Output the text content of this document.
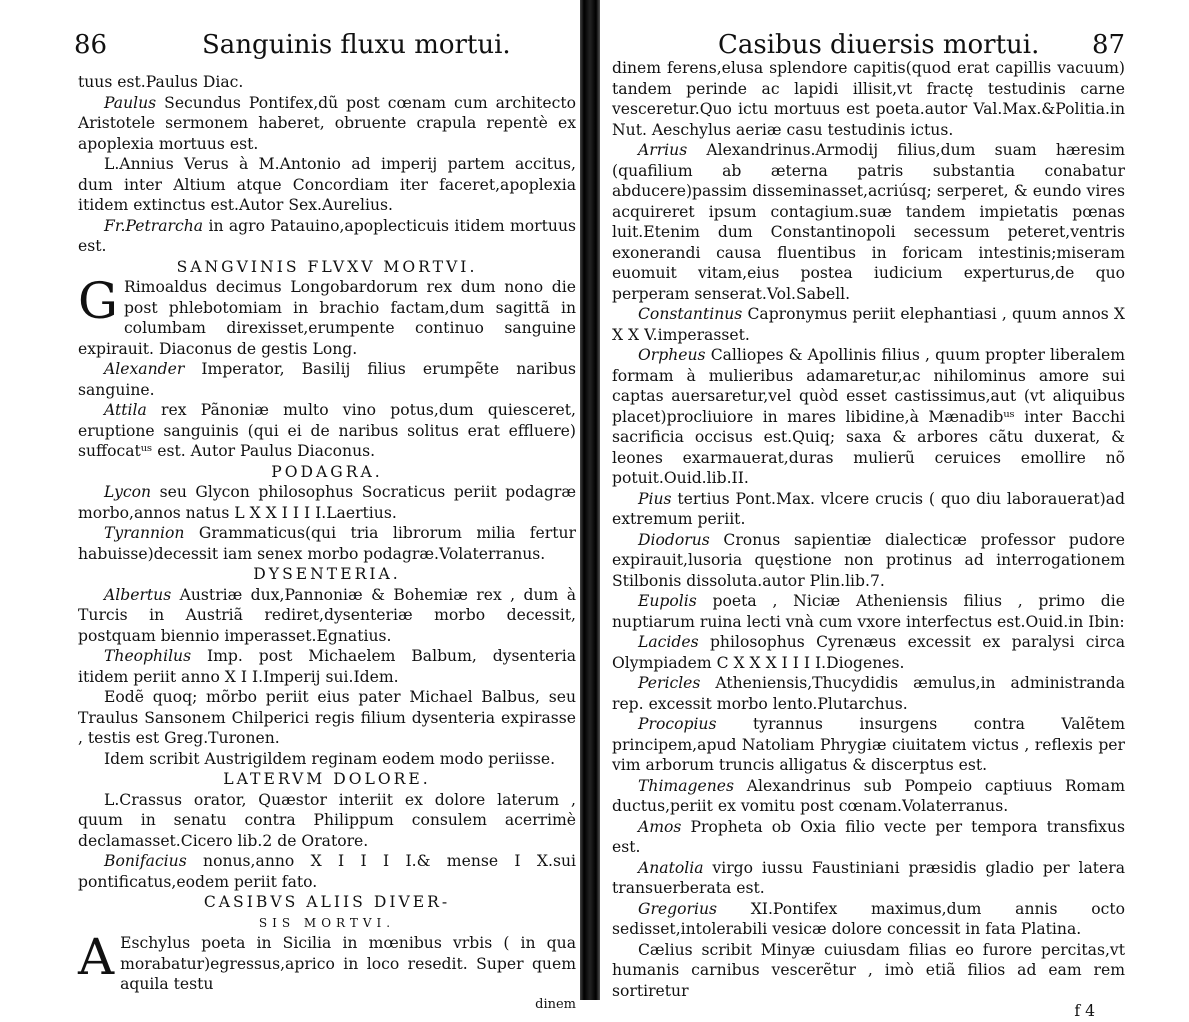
86	Sanguinis fluxu mortui.

tuus est.Paulus Diac.

Paulus Secundus Pontifex,dũ post cœnam cum architecto Aristotele sermonem haberet, obruente crapula repentè ex apoplexia mortuus est.

L.Annius Verus à M.Antonio ad imperij partem accitus, dum inter Altium atque Concordiam iter faceret,apoplexia itidem extinctus est.Autor Sex.Aurelius.

Fr.Petrarcha in agro Patauino,apoplecticuis itidem mortuus est.

SANGVINIS FLVXV MORTVI.

G Rimoaldus decimus Longobardorum rex dum nono die post phlebotomiam in brachio factam,dum sagittã in columbam direxisset,erumpente continuo sanguine expirauit. Diaconus de gestis Long.

Alexander Imperator, Basilij filius erumpẽte naribus sanguine.

Attila rex Pãnoniæ multo vino potus,dum quiesceret, eruptione sanguinis (qui ei de naribus solitus erat effluere) suffocatᵘˢ est. Autor Paulus Diaconus.

PODAGRA.

Lycon seu Glycon philosophus Socraticus periit podagræ morbo,annos natus L X X I I I I.Laertius.

Tyrannion Grammaticus(qui tria librorum milia fertur habuisse)decessit iam senex morbo podagræ.Volaterranus.

DYSENTERIA.

Albertus Austriæ dux,Pannoniæ & Bohemiæ rex , dum à Turcis in Austriã rediret,dysenteriæ morbo decessit, postquam biennio imperasset.Egnatius.

Theophilus Imp. post Michaelem Balbum, dysenteria itidem periit anno X I I.Imperij sui.Idem.

Eodẽ quoq; mõrbo periit eius pater Michael Balbus, seu Traulus Sansonem Chilperici regis filium dysenteria expirasse , testis est Greg.Turonen.

Idem scribit Austrigildem reginam eodem modo periisse.

LATERVM DOLORE.

L.Crassus orator, Quæstor interiit ex dolore laterum , quum in senatu contra Philippum consulem acerrimè declamasset.Cicero lib.2 de Oratore.

Bonifacius nonus,anno X I I I I.& mense I X.sui pontificatus,eodem periit fato.

CASIBVS ALIIS DIVER-

SIS MORTVI.

A Eschylus poeta in Sicilia in mœnibus vrbis ( in qua morabatur)egressus,aprico in loco resedit. Super quem aquila testu

dinem

Casibus diuersis mortui. 87

dinem ferens,elusa splendore capitis(quod erat capillis vacuum) tandem perinde ac lapidi illisit,vt fractę testudinis carne vesceretur.Quo ictu mortuus est poeta.autor Val.Max.&Politia.in Nut. Aeschylus aeriæ casu testudinis ictus.

Arrius Alexandrinus.Armodij filius,dum suam hæresim (quafilium ab æterna patris substantia conabatur abducere)passim disseminasset,acriúsq; serperet, & eundo vires acquireret ipsum contagium.suæ tandem impietatis pœnas luit.Etenim dum Constantinopoli secessum peteret,ventris exonerandi causa fluentibus in foricam intestinis;miseram euomuit vitam,eius postea iudicium experturus,de quo perperam senserat.Vol.Sabell.

Constantinus Capronymus periit elephantiasi , quum annos X X X V.imperasset.

Orpheus Calliopes & Apollinis filius , quum propter liberalem formam à mulieribus adamaretur,ac nihilominus amore sui captas auersaretur,vel quòd esset castissimus,aut (vt aliquibus placet)procliuiore in mares libidine,à Mænadibᵘˢ inter Bacchi sacrificia occisus est.Quiq; saxa & arbores cãtu duxerat, & leones exarmauerat,duras mulierũ ceruices emollire nõ potuit.Ouid.lib.II.

Pius tertius Pont.Max. vlcere crucis ( quo diu laborauerat)ad extremum periit.

Diodorus Cronus sapientiæ dialecticæ professor pudore expirauit,lusoria quęstione non protinus ad interrogationem Stilbonis dissoluta.autor Plin.lib.7.

Eupolis poeta , Niciæ Atheniensis filius , primo die nuptiarum ruina lecti vnà cum vxore interfectus est.Ouid.in Ibin:

Lacides philosophus Cyrenæus excessit ex paralysi circa Olympiadem C X X X I I I I.Diogenes.

Pericles Atheniensis,Thucydidis æmulus,in administranda rep. excessit morbo lento.Plutarchus.

Procopius tyrannus insurgens contra Valẽtem principem,apud Natoliam Phrygiæ ciuitatem victus , reflexis per vim arborum truncis alligatus & discerptus est.

Thimagenes Alexandrinus sub Pompeio captiuus Romam ductus,periit ex vomitu post cœnam.Volaterranus.

Amos Propheta ob Oxia filio vecte per tempora transfixus est.

Anatolia virgo iussu Faustiniani præsidis gladio per latera transuerberata est.

Gregorius XI.Pontifex maximus,dum annis octo sedisset,intolerabili vesicæ dolore concessit in fata Platina.

Cælius scribit Minyæ cuiusdam filias eo furore percitas,vt humanis carnibus vescerẽtur , imò etiã filios ad eam rem sortiretur

f 4
